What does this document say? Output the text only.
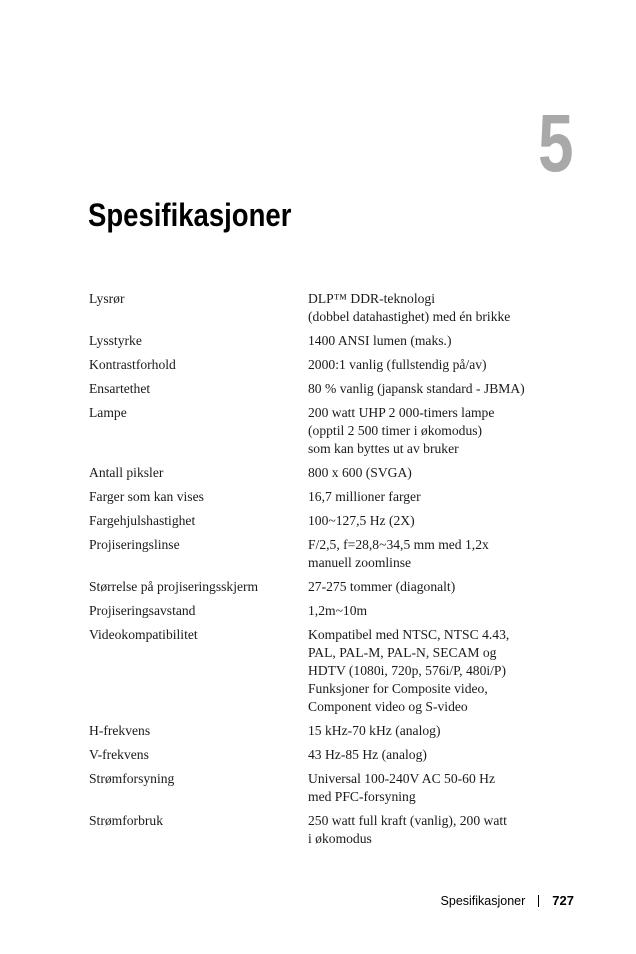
5
Spesifikasjoner
Lysrør	DLP™ DDR-teknologi
(dobbel datahastighet) med én brikke
Lysstyrke	1400 ANSI lumen (maks.)
Kontrastforhold	2000:1 vanlig (fullstendig på/av)
Ensartethet	80 % vanlig (japansk standard - JBMA)
Lampe	200 watt UHP 2 000-timers lampe
(opptil 2 500 timer i økomodus)
som kan byttes ut av bruker
Antall piksler	800 x 600 (SVGA)
Farger som kan vises	16,7 millioner farger
Fargehjulshastighet	100~127,5 Hz (2X)
Projiseringslinse	F/2,5, f=28,8~34,5 mm med 1,2x
manuell zoomlinse
Størrelse på projiseringsskjerm	27-275 tommer (diagonalt)
Projiseringsavstand	1,2m~10m
Videokompatibilitet	Kompatibel med NTSC, NTSC 4.43,
PAL, PAL-M, PAL-N, SECAM og
HDTV (1080i, 720p, 576i/P, 480i/P)
Funksjoner for Composite video,
Component video og S-video
H-frekvens	15 kHz-70 kHz (analog)
V-frekvens	43 Hz-85 Hz (analog)
Strømforsyning	Universal 100-240V AC 50-60 Hz
med PFC-forsyning
Strømforbruk	250 watt full kraft (vanlig), 200 watt
i økomodus
Spesifikasjoner 727
